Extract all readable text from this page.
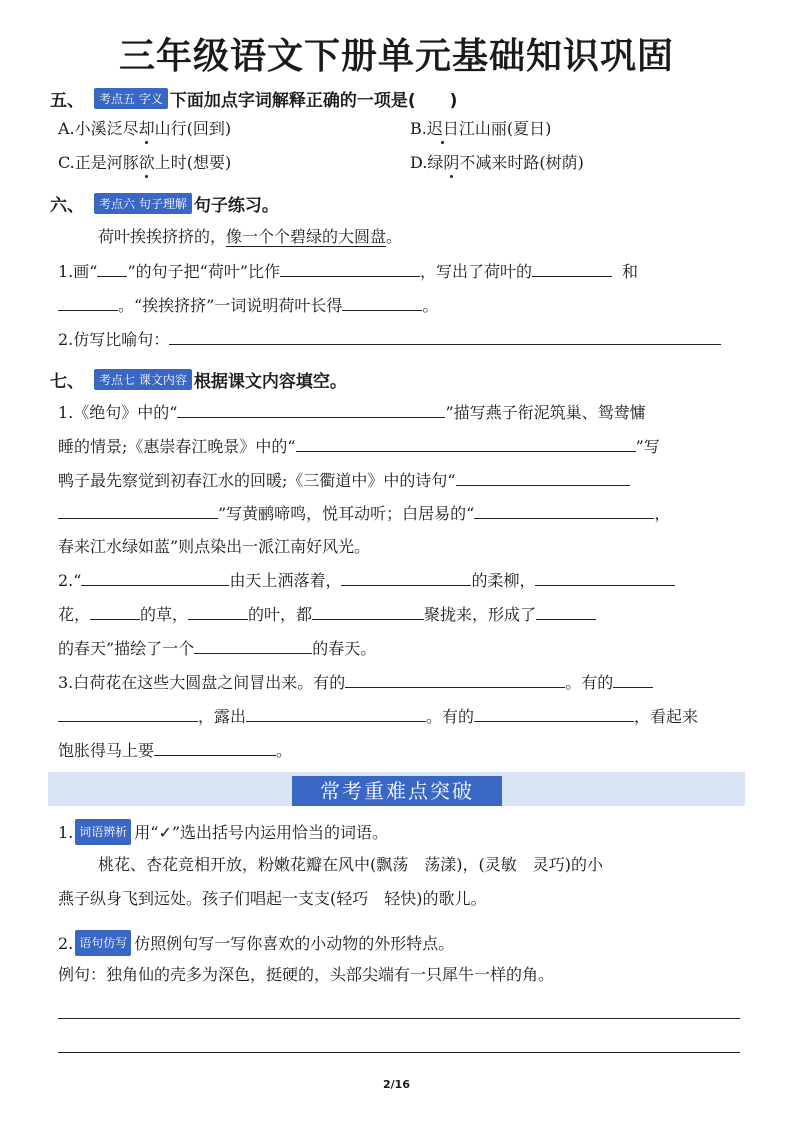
三年级语文下册单元基础知识巩固
五、	考点五 字义 下面加点字词解释正确的一项是(　　)
A.小溪泛尽却山行(回到)	B.迟日江山丽(夏日)
C.正是河豚欲上时(想要)	D.绿阴不减来时路(树荫)
六、	考点六 句子理解 句子练习。
荷叶挨挨挤挤的，像一个个碧绿的大圆盘。
1.画“ ”的句子把“荷叶”比作	，写出了荷叶的	和
。“挨挨挤挤”一词说明荷叶长得	。
2.仿写比喻句：
七、	考点七 课文内容 根据课文内容填空。
1.《绝句》中的“	”描写燕子衔泥筑巢、鸳鸯慵
睡的情景;《惠崇春江晚景》中的“	”写
鸭子最先察觉到初春江水的回暖;《三衢道中》中的诗句“
”写黄鹂啼鸣，悦耳动听；白居易的“	，
春来江水绿如蓝”则点染出一派江南好风光。
2.“	由天上洒落着，	的柔柳，
花，	的草，	的叶，都	聚拢来，形成了
的春天”描绘了一个	的春天。
3.白荷花在这些大圆盘之间冒出来。有的	。有的
，露出	。有的	，看起来
饱胀得马上要	。
常考重难点突破
1. 词语辨析 用“✓”选出括号内运用恰当的词语。
桃花、杏花竞相开放，粉嫩花瓣在风中(飘荡　荡漾)，(灵敏　灵巧)的小
燕子纵身飞到远处。孩子们唱起一支支(轻巧　轻快)的歌儿。
2. 语句仿写 仿照例句写一写你喜欢的小动物的外形特点。
例句：独角仙的壳多为深色，挺硬的，头部尖端有一只犀牛一样的角。
2/16
